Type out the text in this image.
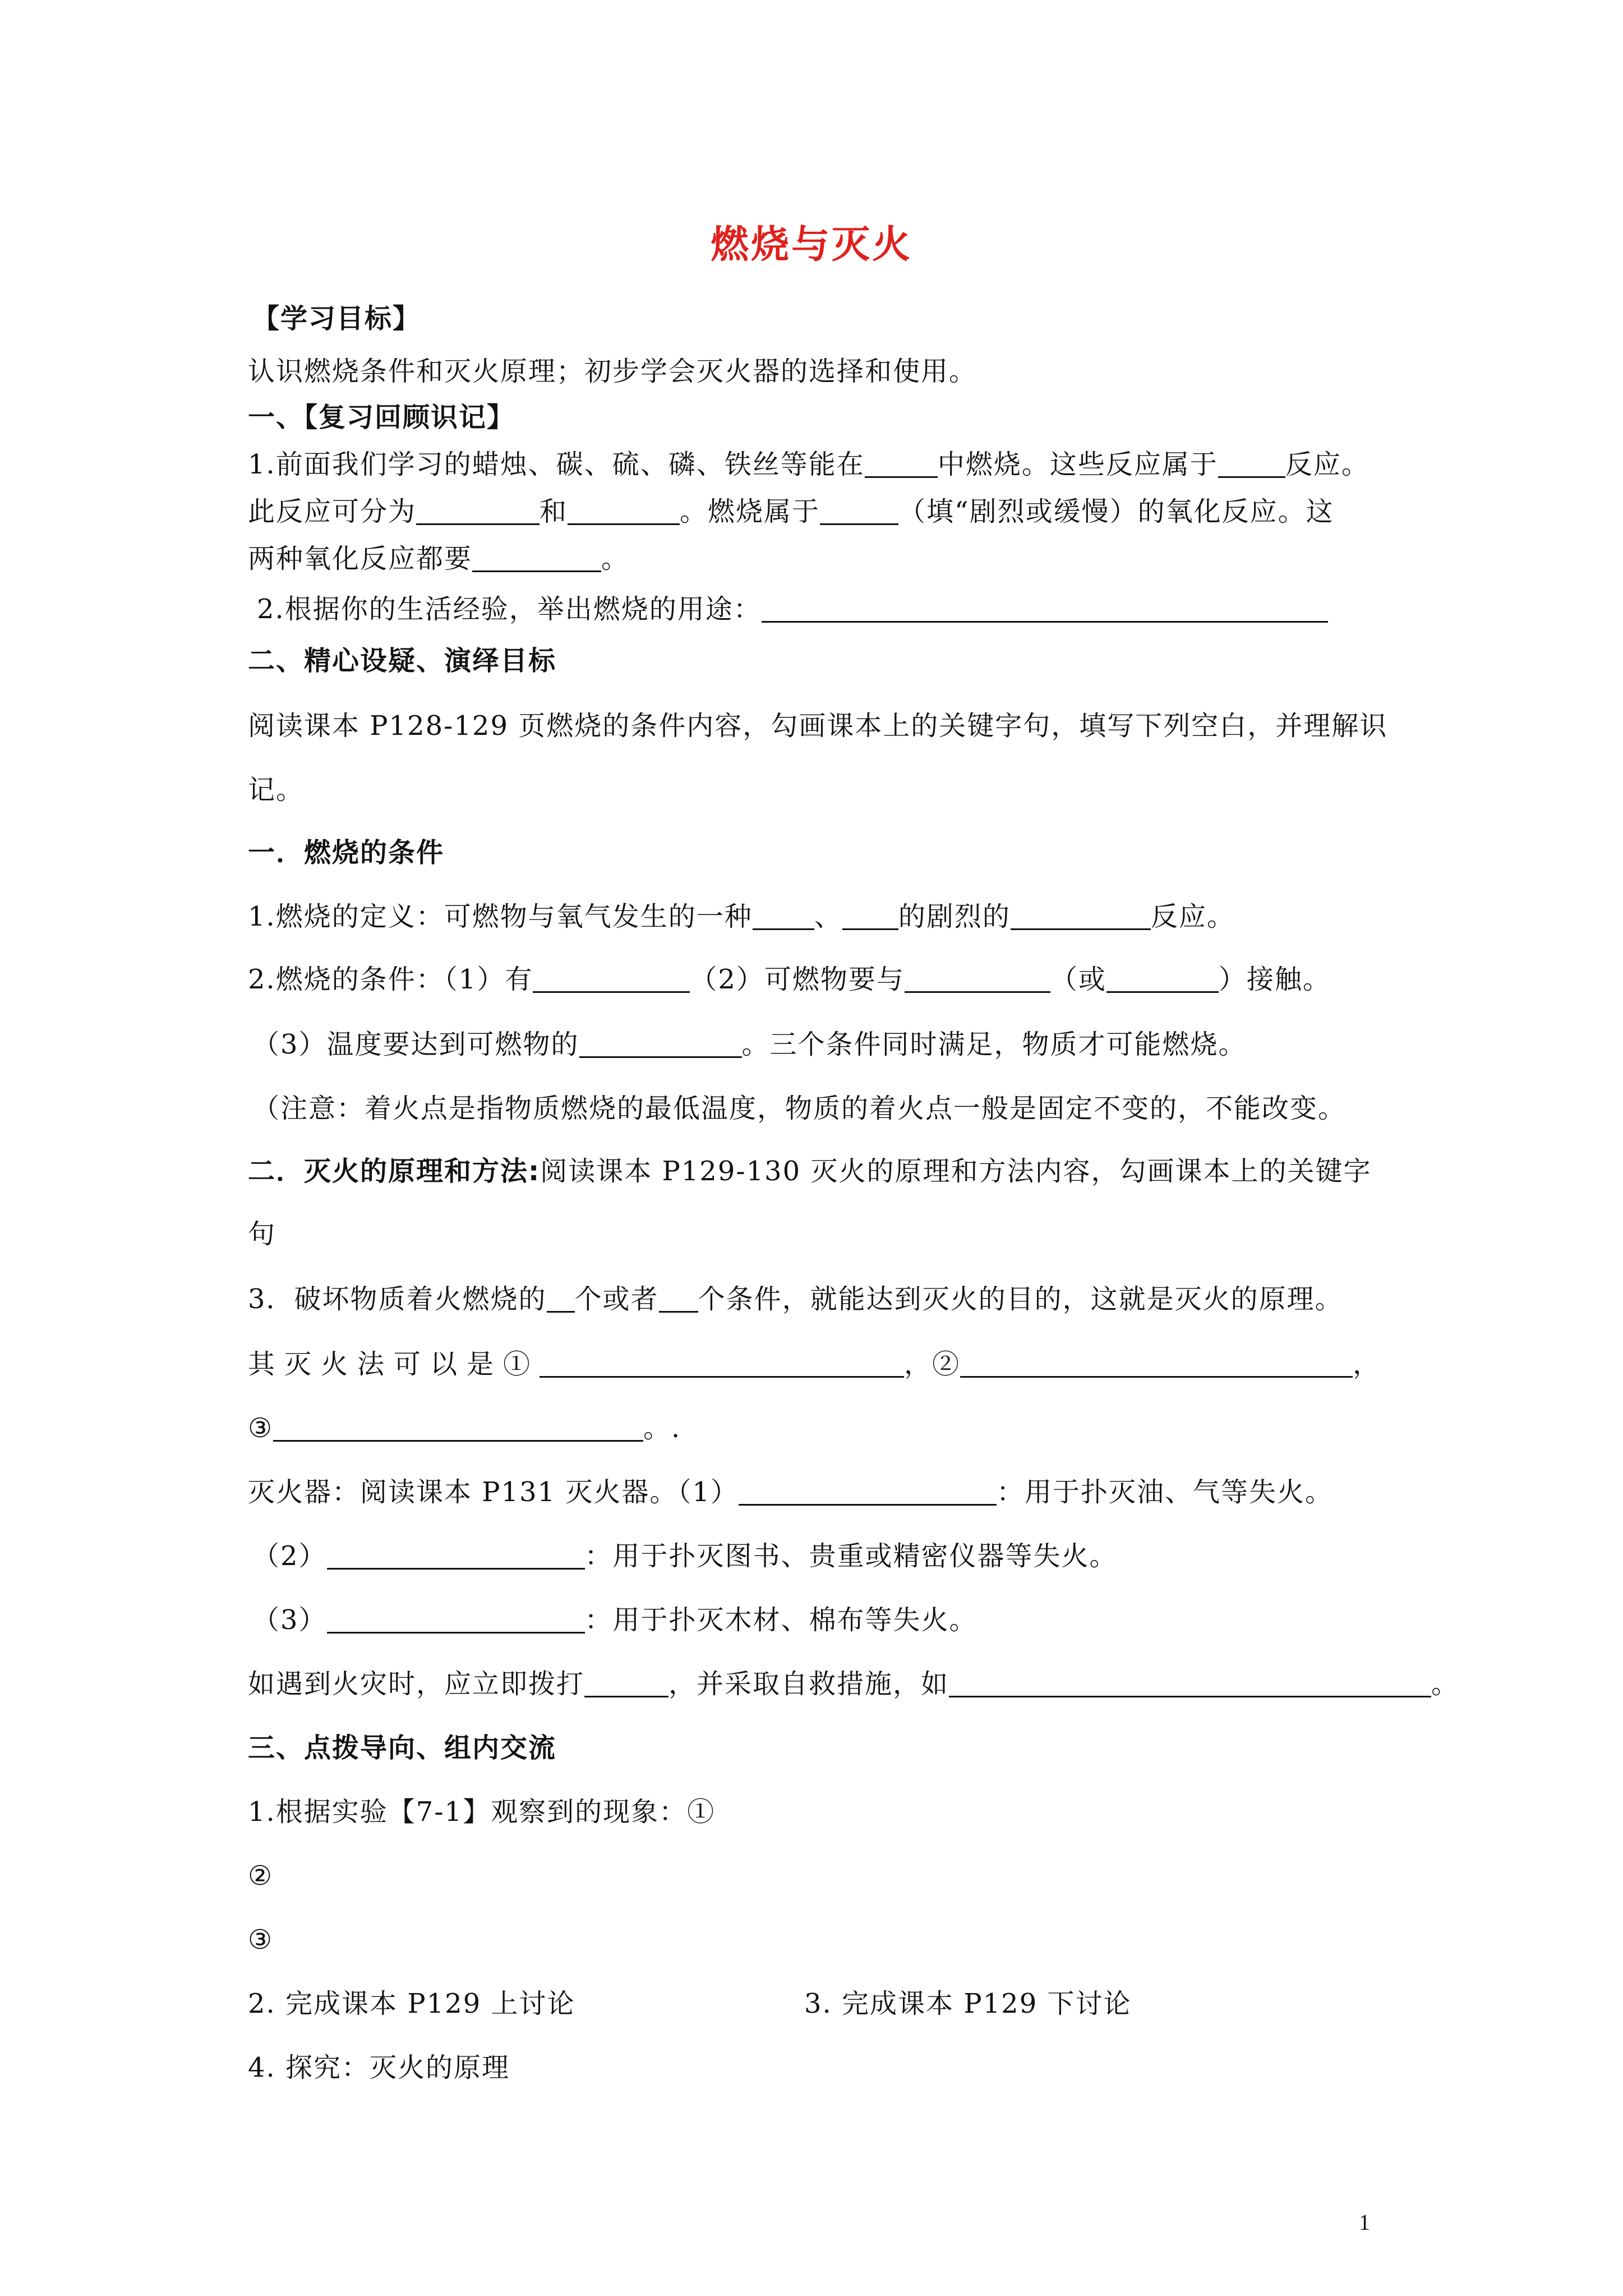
燃烧与灭火
【学习目标】
认识燃烧条件和灭火原理；初步学会灭火器的选择和使用。
一、【复习回顾识记】
1.前面我们学习的蜡烛、碳、硫、磷、铁丝等能在	中燃烧。这些反应属于	反应。
此反应可分为	和	。燃烧属于	（填“剧烈或缓慢）的氧化反应。这
两种氧化反应都要	。
2.根据你的生活经验，举出燃烧的用途：
二、精心设疑、演绎目标
阅读课本 P128-129 页燃烧的条件内容，勾画课本上的关键字句，填写下列空白，并理解识
记。
一．燃烧的条件
1.燃烧的定义：可燃物与氧气发生的一种 、 的剧烈的	反应。
2.燃烧的条件：（1）有	（2）可燃物要与	（或	）接触。
（3）温度要达到可燃物的	。三个条件同时满足，物质才可能燃烧。
（注意：着火点是指物质燃烧的最低温度，物质的着火点一般是固定不变的，不能改变。
二．灭火的原理和方法:阅读课本 P129-130 灭火的原理和方法内容，勾画课本上的关键字
句
3．破坏物质着火燃烧的 个或者 个条件，就能达到灭火的目的，这就是灭火的原理。
其灭火法可以是①	，②	，
③	。.
灭火器：阅读课本 P131 灭火器。（1）	：用于扑灭油、气等失火。
（2）	：用于扑灭图书、贵重或精密仪器等失火。
（3）	：用于扑灭木材、棉布等失火。
如遇到火灾时，应立即拨打	，并采取自救措施，如	。
三、点拨导向、组内交流
1.根据实验【7-1】观察到的现象：①
②
③
2. 完成课本 P129 上讨论	3. 完成课本 P129 下讨论
4. 探究：灭火的原理
1
